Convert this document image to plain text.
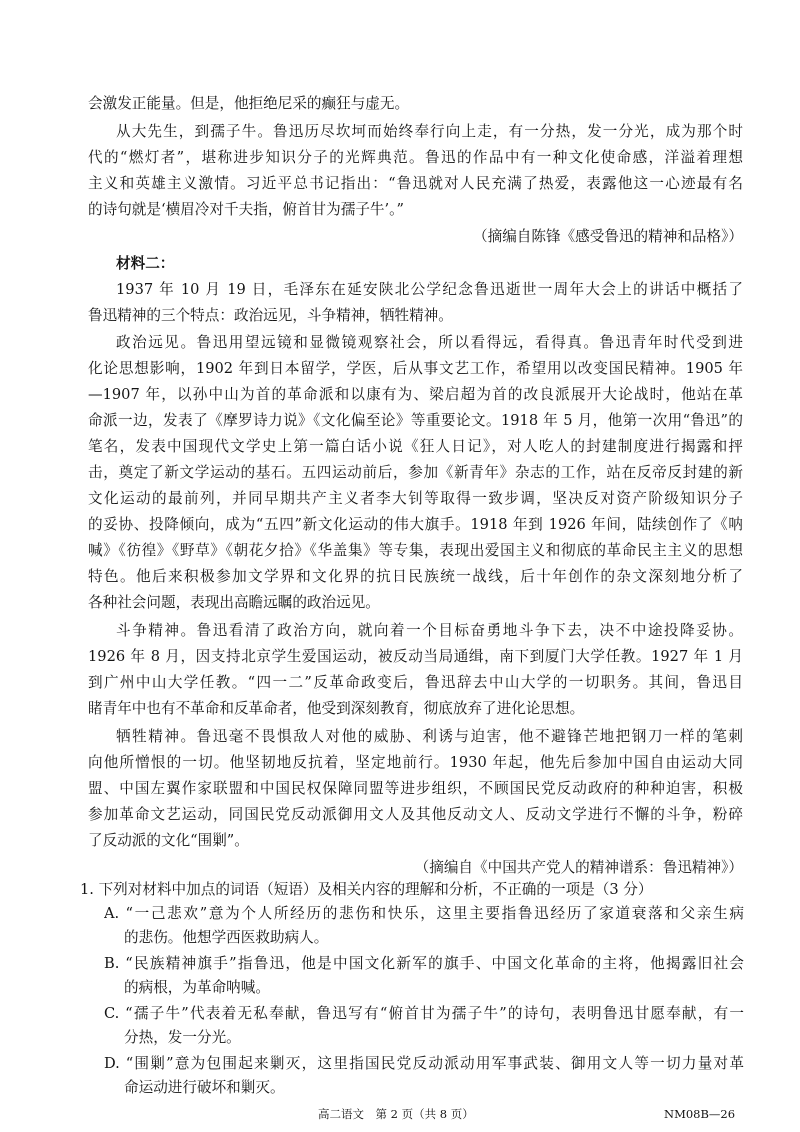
会激发正能量。但是，他拒绝尼采的癫狂与虚无。
从大先生，到孺子牛。鲁迅历尽坎坷而始终奉行向上走，有一分热，发一分光，成为那个时
代的“燃灯者”，堪称进步知识分子的光辉典范。鲁迅的作品中有一种文化使命感，洋溢着理想
主义和英雄主义激情。习近平总书记指出：“鲁迅就对人民充满了热爱，表露他这一心迹最有名
的诗句就是‘横眉冷对千夫指，俯首甘为孺子牛’。”
（摘编自陈锋《感受鲁迅的精神和品格》）
材料二：
1937 年 10 月 19 日，毛泽东在延安陕北公学纪念鲁迅逝世一周年大会上的讲话中概括了
鲁迅精神的三个特点：政治远见，斗争精神，牺牲精神。
政治远见。鲁迅用望远镜和显微镜观察社会，所以看得远，看得真。鲁迅青年时代受到进
化论思想影响，1902 年到日本留学，学医，后从事文艺工作，希望用以改变国民精神。1905 年
—1907 年，以孙中山为首的革命派和以康有为、梁启超为首的改良派展开大论战时，他站在革
命派一边，发表了《摩罗诗力说》《文化偏至论》等重要论文。1918 年 5 月，他第一次用“鲁迅”的
笔名，发表中国现代文学史上第一篇白话小说《狂人日记》，对人吃人的封建制度进行揭露和抨
击，奠定了新文学运动的基石。五四运动前后，参加《新青年》杂志的工作，站在反帝反封建的新
文化运动的最前列，并同早期共产主义者李大钊等取得一致步调，坚决反对资产阶级知识分子
的妥协、投降倾向，成为“五四”新文化运动的伟大旗手。1918 年到 1926 年间，陆续创作了《呐
喊》《彷徨》《野草》《朝花夕拾》《华盖集》等专集，表现出爱国主义和彻底的革命民主主义的思想
特色。他后来积极参加文学界和文化界的抗日民族统一战线，后十年创作的杂文深刻地分析了
各种社会问题，表现出高瞻远瞩的政治远见。
斗争精神。鲁迅看清了政治方向，就向着一个目标奋勇地斗争下去，决不中途投降妥协。
1926 年 8 月，因支持北京学生爱国运动，被反动当局通缉，南下到厦门大学任教。1927 年 1 月
到广州中山大学任教。“四一二”反革命政变后，鲁迅辞去中山大学的一切职务。其间，鲁迅目
睹青年中也有不革命和反革命者，他受到深刻教育，彻底放弃了进化论思想。
牺牲精神。鲁迅毫不畏惧敌人对他的威胁、利诱与迫害，他不避锋芒地把钢刀一样的笔刺
向他所憎恨的一切。他坚韧地反抗着，坚定地前行。1930 年起，他先后参加中国自由运动大同
盟、中国左翼作家联盟和中国民权保障同盟等进步组织，不顾国民党反动政府的种种迫害，积极
参加革命文艺运动，同国民党反动派御用文人及其他反动文人、反动文学进行不懈的斗争，粉碎
了反动派的文化“围剿”。
（摘编自《中国共产党人的精神谱系：鲁迅精神》）
高二语文　第 2 页（共 8 页）	NM08B—26
1. 下列对材料中加点的词语（短语）及相关内容的理解和分析，不正确的一项是（3 分）
A. “一己悲欢”意为个人所经历的悲伤和快乐，这里主要指鲁迅经历了家道衰落和父亲生病
的悲伤。他想学西医救助病人。
B. “民族精神旗手”指鲁迅，他是中国文化新军的旗手、中国文化革命的主将，他揭露旧社会
的病根，为革命呐喊。
C. “孺子牛”代表着无私奉献，鲁迅写有“俯首甘为孺子牛”的诗句，表明鲁迅甘愿奉献，有一
分热，发一分光。
D. “围剿”意为包围起来剿灭，这里指国民党反动派动用军事武装、御用文人等一切力量对革
命运动进行破坏和剿灭。
